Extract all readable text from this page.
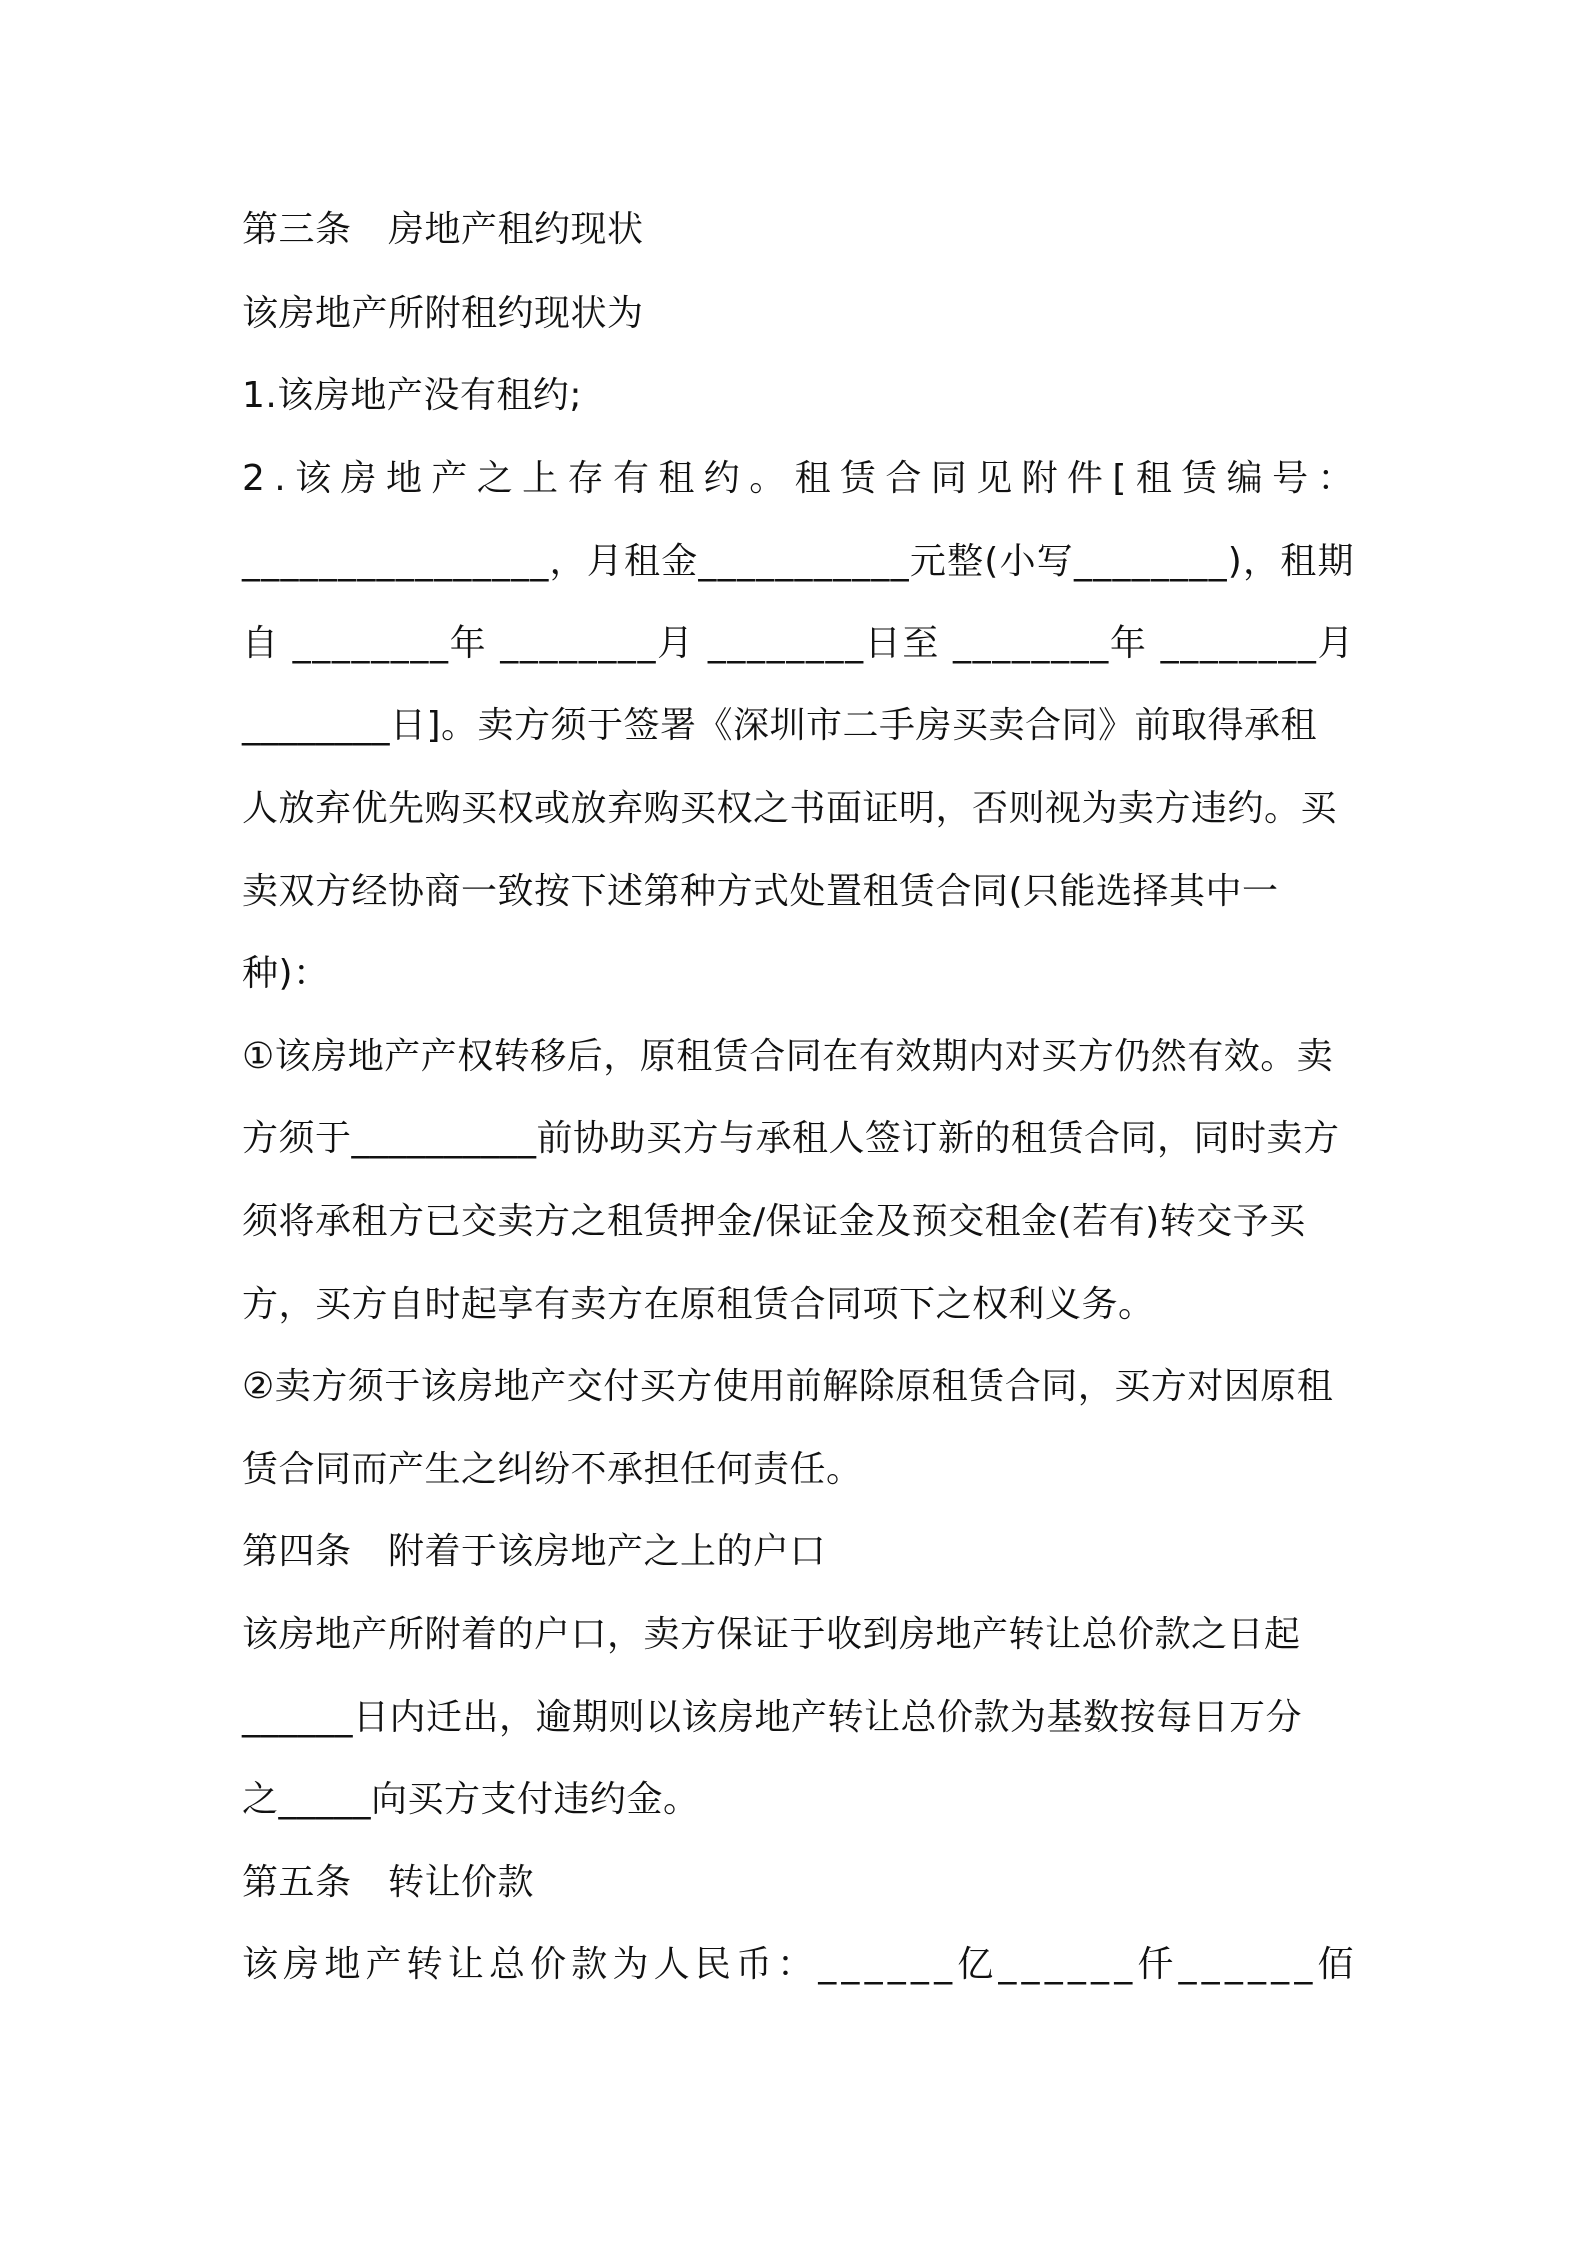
第三条　房地产租约现状
该房地产所附租约现状为
1.该房地产没有租约;
2.该房地产之上存有租约。租赁合同见附件[租赁编号：
________________，月租金___________元整(小写________)，租期
自 ________年 ________月 ________日至 ________年 ________月
________日]。卖方须于签署《深圳市二手房买卖合同》前取得承租
人放弃优先购买权或放弃购买权之书面证明，否则视为卖方违约。买
卖双方经协商一致按下述第种方式处置租赁合同(只能选择其中一
种)：
①该房地产产权转移后，原租赁合同在有效期内对买方仍然有效。卖
方须于__________前协助买方与承租人签订新的租赁合同，同时卖方
须将承租方已交卖方之租赁押金/保证金及预交租金(若有)转交予买
方，买方自时起享有卖方在原租赁合同项下之权利义务。
②卖方须于该房地产交付买方使用前解除原租赁合同，买方对因原租
赁合同而产生之纠纷不承担任何责任。
第四条　附着于该房地产之上的户口
该房地产所附着的户口，卖方保证于收到房地产转让总价款之日起
______日内迁出，逾期则以该房地产转让总价款为基数按每日万分
之_____向买方支付违约金。
第五条　转让价款
该房地产转让总价款为人民币：______亿______仟______佰
